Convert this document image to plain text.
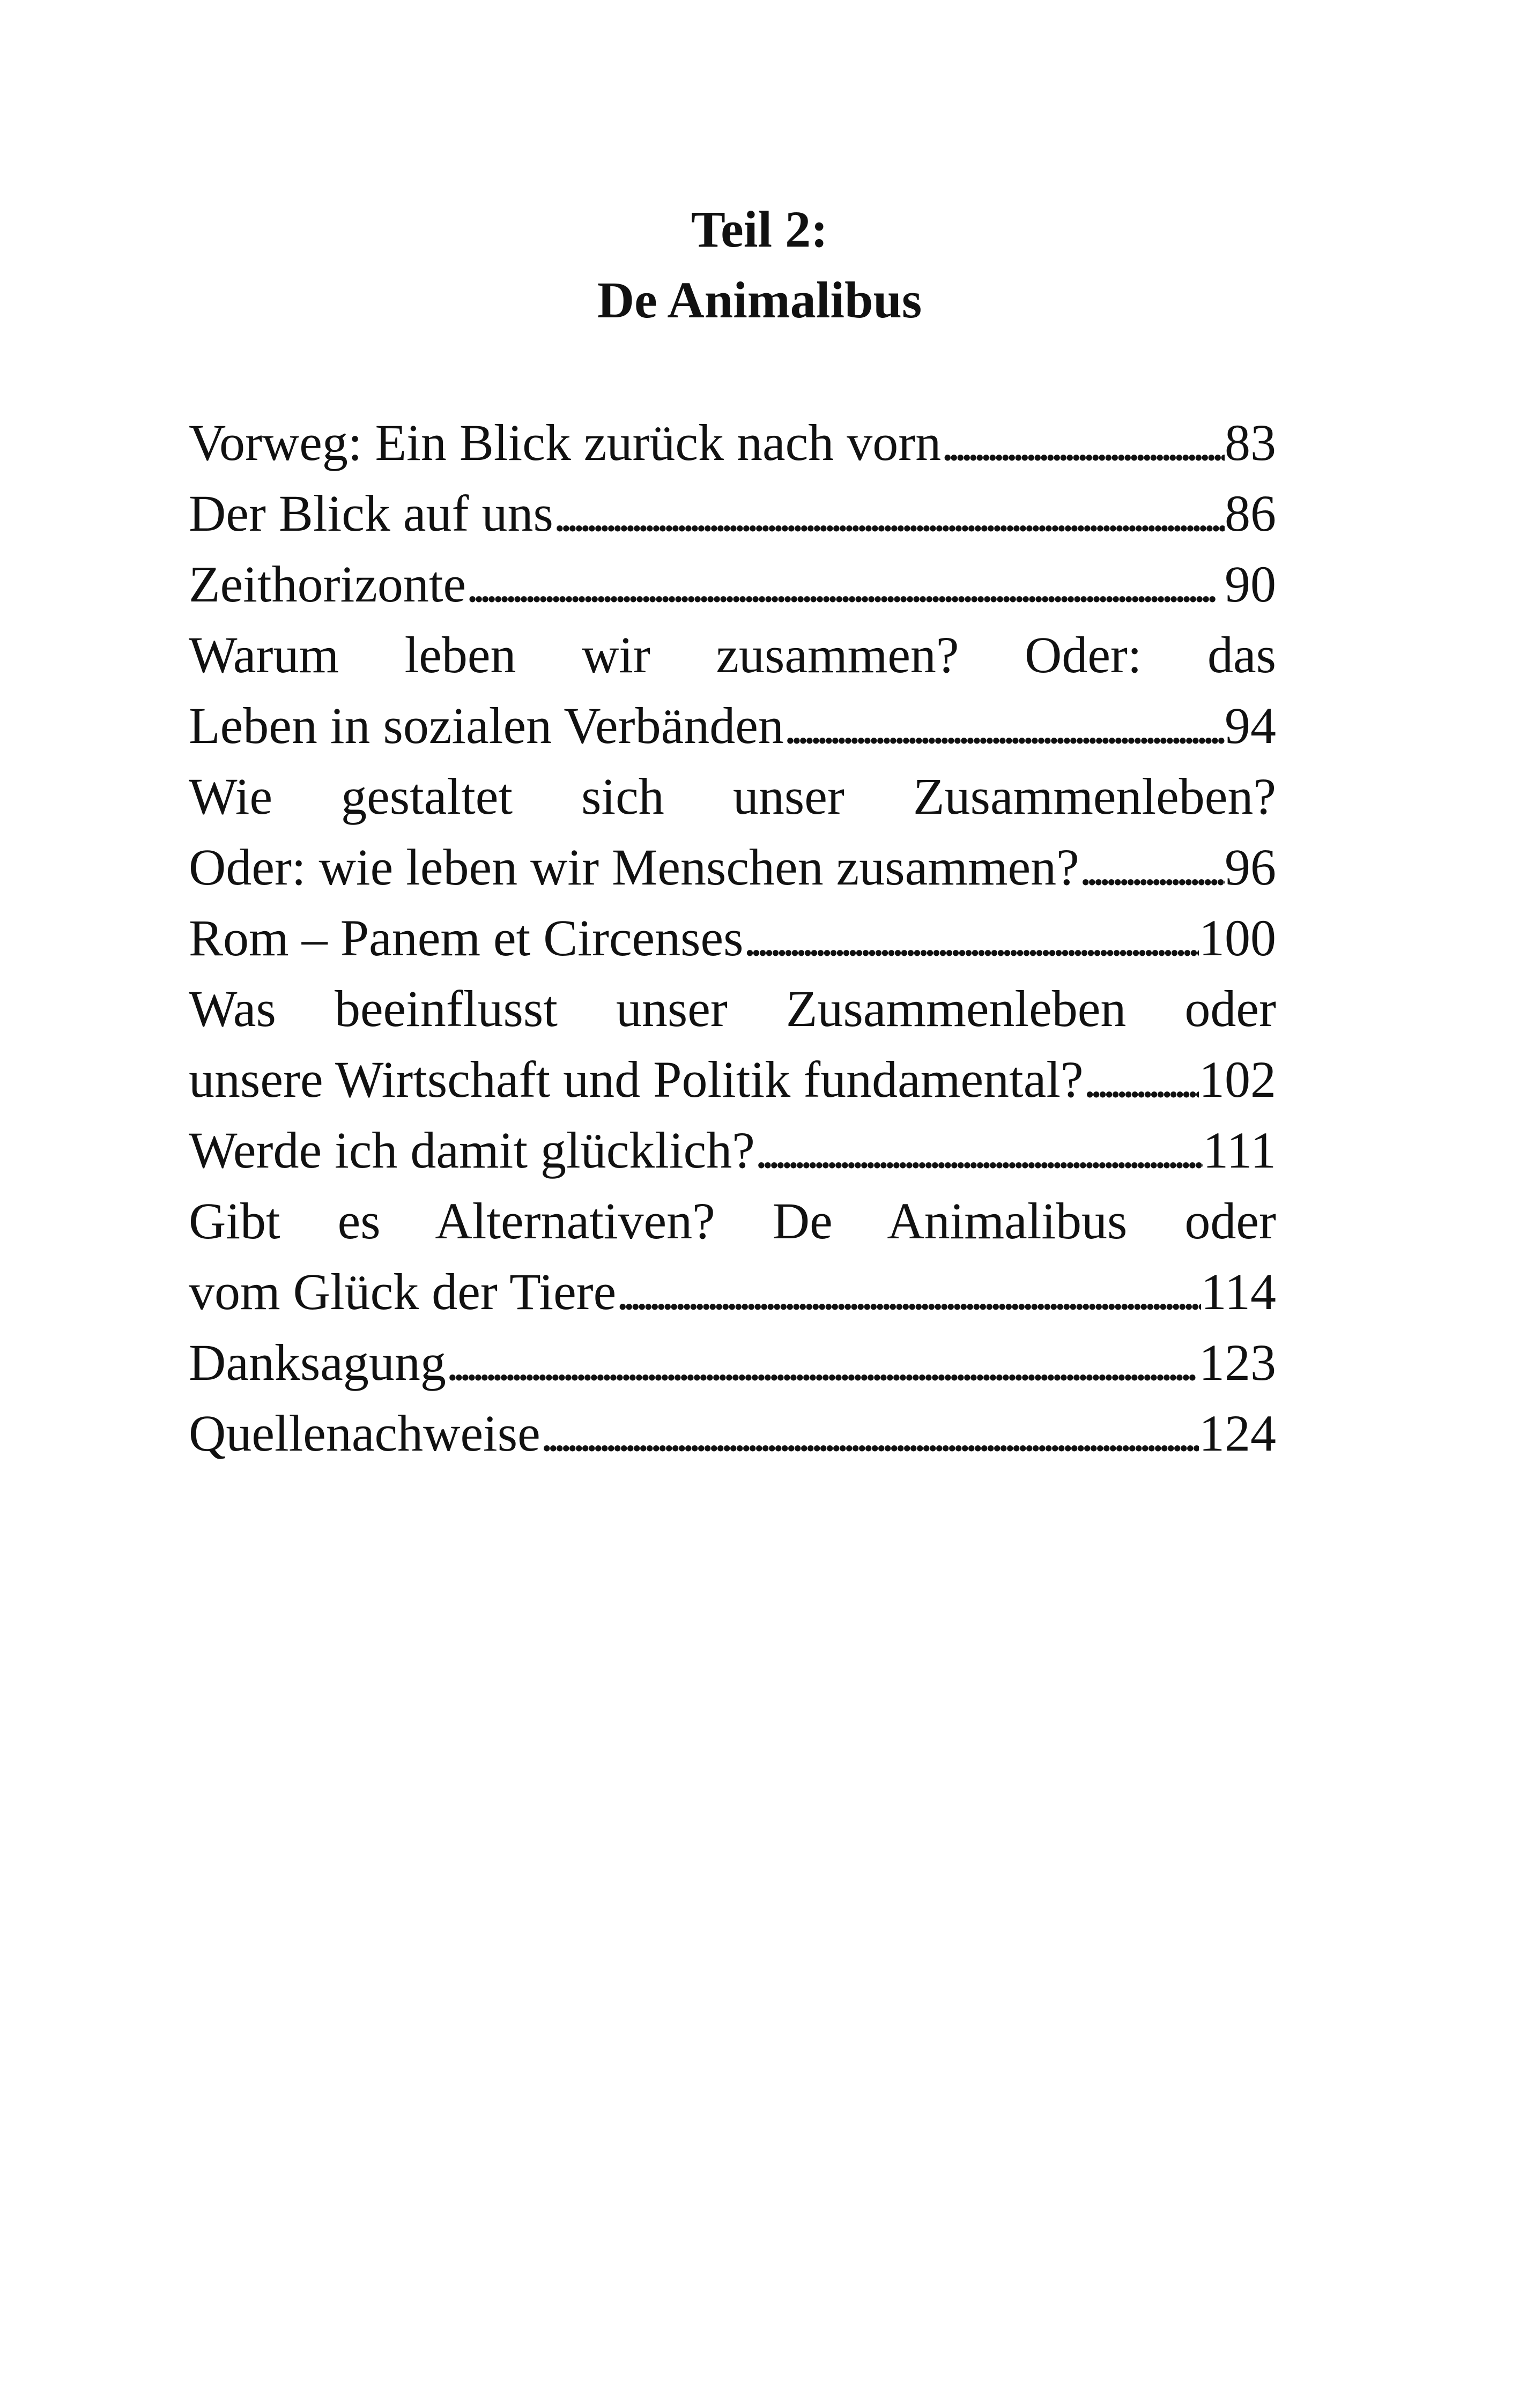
Teil 2:
De Animalibus
Vorweg: Ein Blick zurück nach vorn . . .	83
Der Blick auf uns . . .	86
Zeithorizonte . . .	90
Warum leben wir zusammen? Oder: das
Leben in sozialen Verbänden . . .	94
Wie gestaltet sich unser Zusammenleben?
Oder: wie leben wir Menschen zusammen? . . .	96
Rom – Panem et Circenses . . .	100
Was beeinflusst unser Zusammenleben oder
unsere Wirtschaft und Politik fundamental? . . . 102
Werde ich damit glücklich? . . .	111
Gibt es Alternativen? De Animalibus oder
vom Glück der Tiere . . .	114
Danksagung . . .	123
Quellenachweise . . .	124
